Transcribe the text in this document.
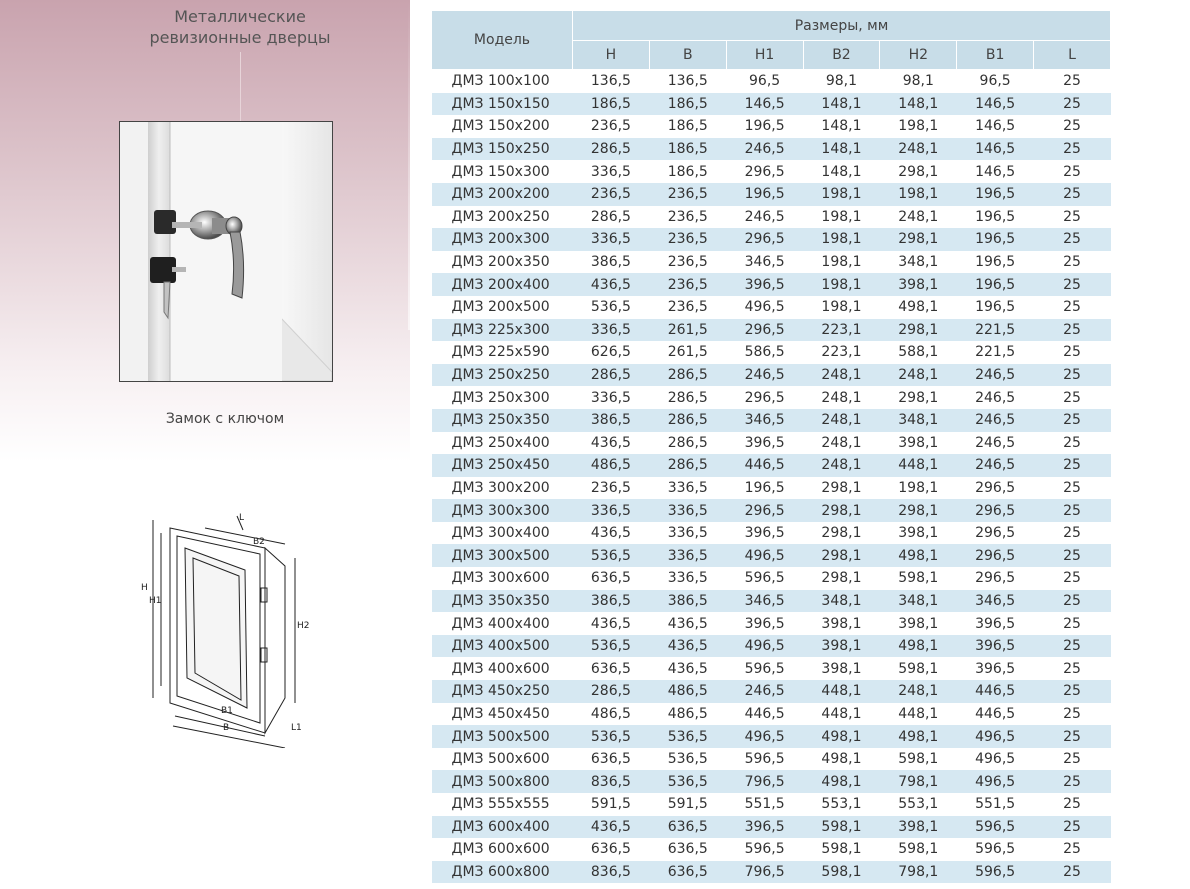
Металлические
ревизионные дверцы
Замок с ключом
H
H1
H2
B2
B1
B
L
L1
Модель	Размеры, мм						
	H	B	H1	B2	H2	B1	L
ДМЗ 100x100	136,5	136,5	96,5	98,1	98,1	96,5	25
ДМЗ 150x150	186,5	186,5	146,5	148,1	148,1	146,5	25
ДМЗ 150x200	236,5	186,5	196,5	148,1	198,1	146,5	25
ДМЗ 150x250	286,5	186,5	246,5	148,1	248,1	146,5	25
ДМЗ 150x300	336,5	186,5	296,5	148,1	298,1	146,5	25
ДМЗ 200x200	236,5	236,5	196,5	198,1	198,1	196,5	25
ДМЗ 200x250	286,5	236,5	246,5	198,1	248,1	196,5	25
ДМЗ 200x300	336,5	236,5	296,5	198,1	298,1	196,5	25
ДМЗ 200x350	386,5	236,5	346,5	198,1	348,1	196,5	25
ДМЗ 200x400	436,5	236,5	396,5	198,1	398,1	196,5	25
ДМЗ 200x500	536,5	236,5	496,5	198,1	498,1	196,5	25
ДМЗ 225x300	336,5	261,5	296,5	223,1	298,1	221,5	25
ДМЗ 225x590	626,5	261,5	586,5	223,1	588,1	221,5	25
ДМЗ 250x250	286,5	286,5	246,5	248,1	248,1	246,5	25
ДМЗ 250x300	336,5	286,5	296,5	248,1	298,1	246,5	25
ДМЗ 250x350	386,5	286,5	346,5	248,1	348,1	246,5	25
ДМЗ 250x400	436,5	286,5	396,5	248,1	398,1	246,5	25
ДМЗ 250x450	486,5	286,5	446,5	248,1	448,1	246,5	25
ДМЗ 300x200	236,5	336,5	196,5	298,1	198,1	296,5	25
ДМЗ 300x300	336,5	336,5	296,5	298,1	298,1	296,5	25
ДМЗ 300x400	436,5	336,5	396,5	298,1	398,1	296,5	25
ДМЗ 300x500	536,5	336,5	496,5	298,1	498,1	296,5	25
ДМЗ 300x600	636,5	336,5	596,5	298,1	598,1	296,5	25
ДМЗ 350x350	386,5	386,5	346,5	348,1	348,1	346,5	25
ДМЗ 400x400	436,5	436,5	396,5	398,1	398,1	396,5	25
ДМЗ 400x500	536,5	436,5	496,5	398,1	498,1	396,5	25
ДМЗ 400x600	636,5	436,5	596,5	398,1	598,1	396,5	25
ДМЗ 450x250	286,5	486,5	246,5	448,1	248,1	446,5	25
ДМЗ 450x450	486,5	486,5	446,5	448,1	448,1	446,5	25
ДМЗ 500x500	536,5	536,5	496,5	498,1	498,1	496,5	25
ДМЗ 500x600	636,5	536,5	596,5	498,1	598,1	496,5	25
ДМЗ 500x800	836,5	536,5	796,5	498,1	798,1	496,5	25
ДМЗ 555x555	591,5	591,5	551,5	553,1	553,1	551,5	25
ДМЗ 600x400	436,5	636,5	396,5	598,1	398,1	596,5	25
ДМЗ 600x600	636,5	636,5	596,5	598,1	598,1	596,5	25
ДМЗ 600x800	836,5	636,5	796,5	598,1	798,1	596,5	25
